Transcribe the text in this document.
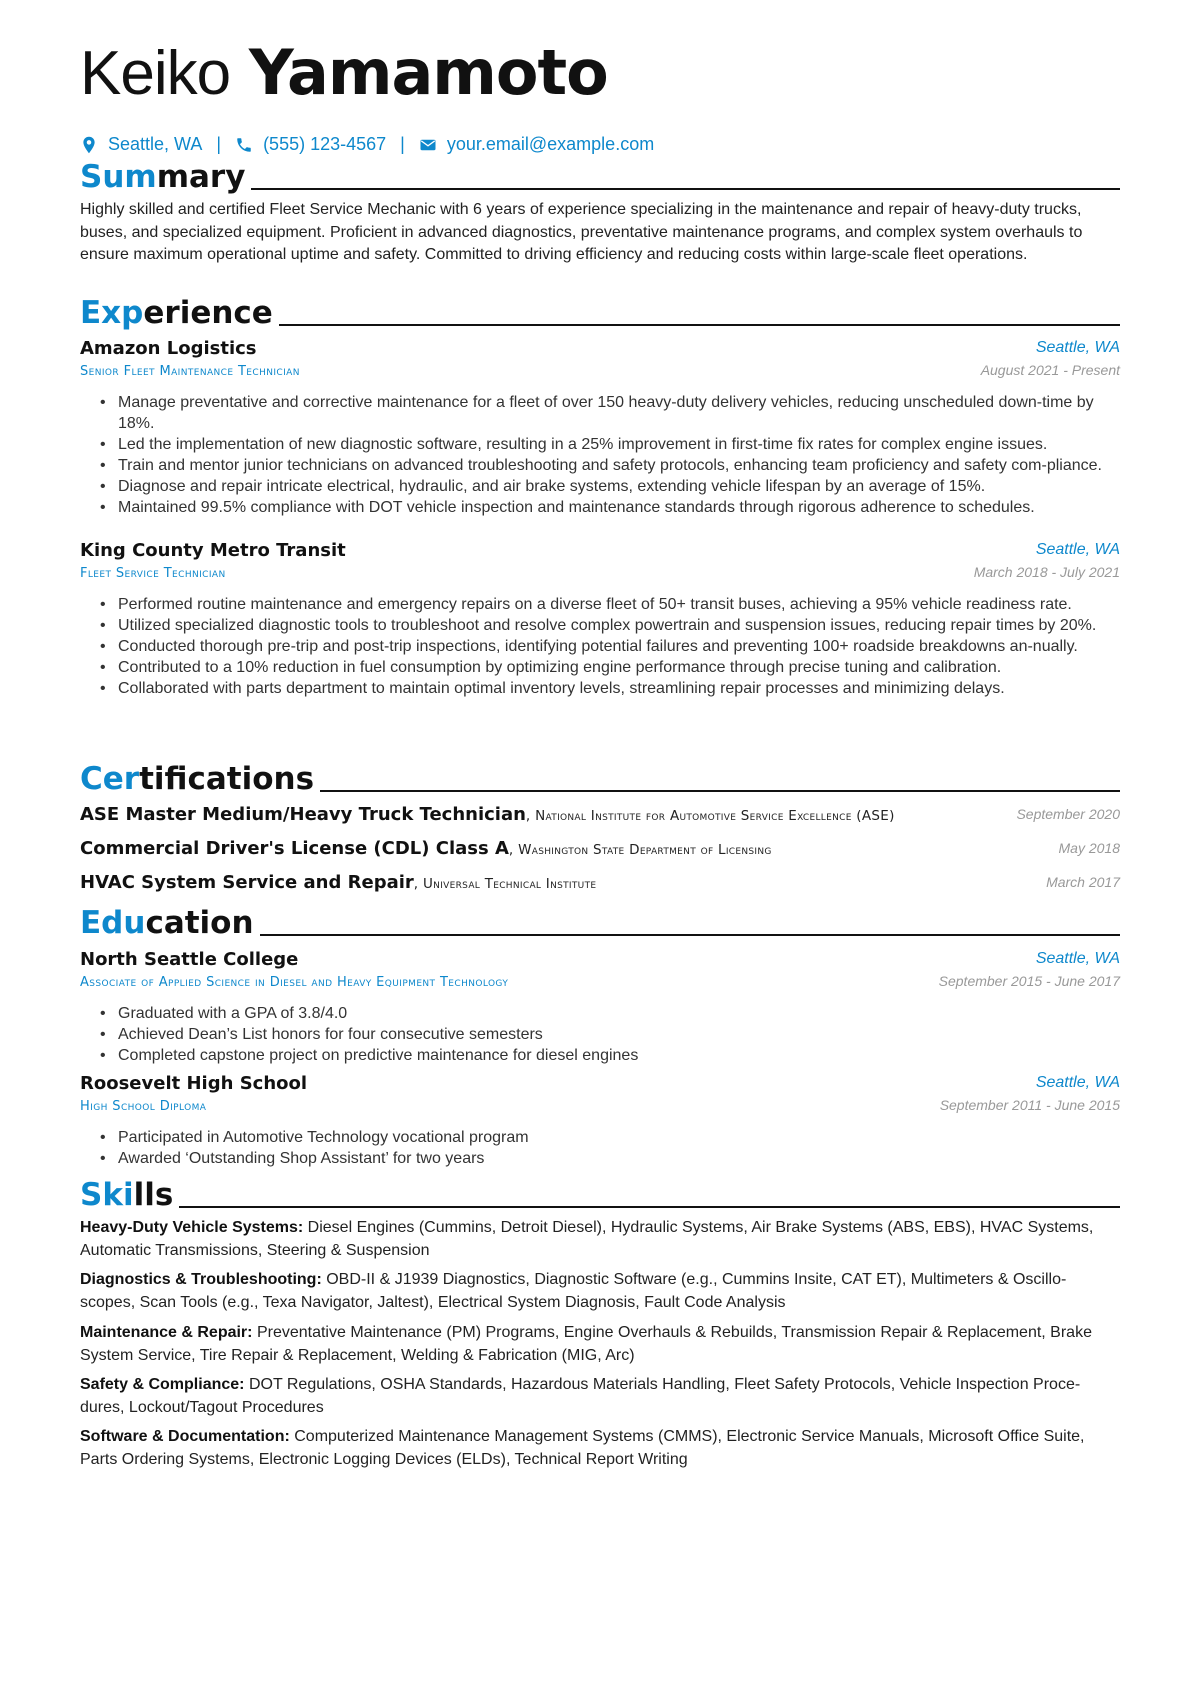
Keiko Yamamoto
Seattle, WA | (555) 123-4567 | your.email@example.com
Summary
Highly skilled and certified Fleet Service Mechanic with 6 years of experience specializing in the maintenance and repair of heavy-duty trucks, buses, and specialized equipment. Proficient in advanced diagnostics, preventative maintenance programs, and complex system overhauls to ensure maximum operational uptime and safety. Committed to driving efficiency and reducing costs within large-scale fleet operations.
Experience
Amazon Logistics	Seattle, WA
Senior Fleet Maintenance Technician	August 2021 - Present
• Manage preventative and corrective maintenance for a fleet of over 150 heavy-duty delivery vehicles, reducing unscheduled down-time by 18%.
• Led the implementation of new diagnostic software, resulting in a 25% improvement in first-time fix rates for complex engine issues.
• Train and mentor junior technicians on advanced troubleshooting and safety protocols, enhancing team proficiency and safety com-pliance.
• Diagnose and repair intricate electrical, hydraulic, and air brake systems, extending vehicle lifespan by an average of 15%.
• Maintained 99.5% compliance with DOT vehicle inspection and maintenance standards through rigorous adherence to schedules.
King County Metro Transit	Seattle, WA
Fleet Service Technician	March 2018 - July 2021
• Performed routine maintenance and emergency repairs on a diverse fleet of 50+ transit buses, achieving a 95% vehicle readiness rate.
• Utilized specialized diagnostic tools to troubleshoot and resolve complex powertrain and suspension issues, reducing repair times by 20%.
• Conducted thorough pre-trip and post-trip inspections, identifying potential failures and preventing 100+ roadside breakdowns an-nually.
• Contributed to a 10% reduction in fuel consumption by optimizing engine performance through precise tuning and calibration.
• Collaborated with parts department to maintain optimal inventory levels, streamlining repair processes and minimizing delays.
Certifications
ASE Master Medium/Heavy Truck Technician, National Institute for Automotive Service Excellence (ASE)	September 2020
Commercial Driver's License (CDL) Class A, Washington State Department of Licensing	May 2018
HVAC System Service and Repair, Universal Technical Institute	March 2017
Education
North Seattle College	Seattle, WA
Associate of Applied Science in Diesel and Heavy Equipment Technology	September 2015 - June 2017
• Graduated with a GPA of 3.8/4.0
• Achieved Dean’s List honors for four consecutive semesters
• Completed capstone project on predictive maintenance for diesel engines
Roosevelt High School	Seattle, WA
High School Diploma	September 2011 - June 2015
• Participated in Automotive Technology vocational program
• Awarded ‘Outstanding Shop Assistant’ for two years
Skills
Heavy-Duty Vehicle Systems: Diesel Engines (Cummins, Detroit Diesel), Hydraulic Systems, Air Brake Systems (ABS, EBS), HVAC Systems, Automatic Transmissions, Steering & Suspension
Diagnostics & Troubleshooting: OBD-II & J1939 Diagnostics, Diagnostic Software (e.g., Cummins Insite, CAT ET), Multimeters & Oscillo-scopes, Scan Tools (e.g., Texa Navigator, Jaltest), Electrical System Diagnosis, Fault Code Analysis
Maintenance & Repair: Preventative Maintenance (PM) Programs, Engine Overhauls & Rebuilds, Transmission Repair & Replacement, Brake System Service, Tire Repair & Replacement, Welding & Fabrication (MIG, Arc)
Safety & Compliance: DOT Regulations, OSHA Standards, Hazardous Materials Handling, Fleet Safety Protocols, Vehicle Inspection Proce-dures, Lockout/Tagout Procedures
Software & Documentation: Computerized Maintenance Management Systems (CMMS), Electronic Service Manuals, Microsoft Office Suite, Parts Ordering Systems, Electronic Logging Devices (ELDs), Technical Report Writing
